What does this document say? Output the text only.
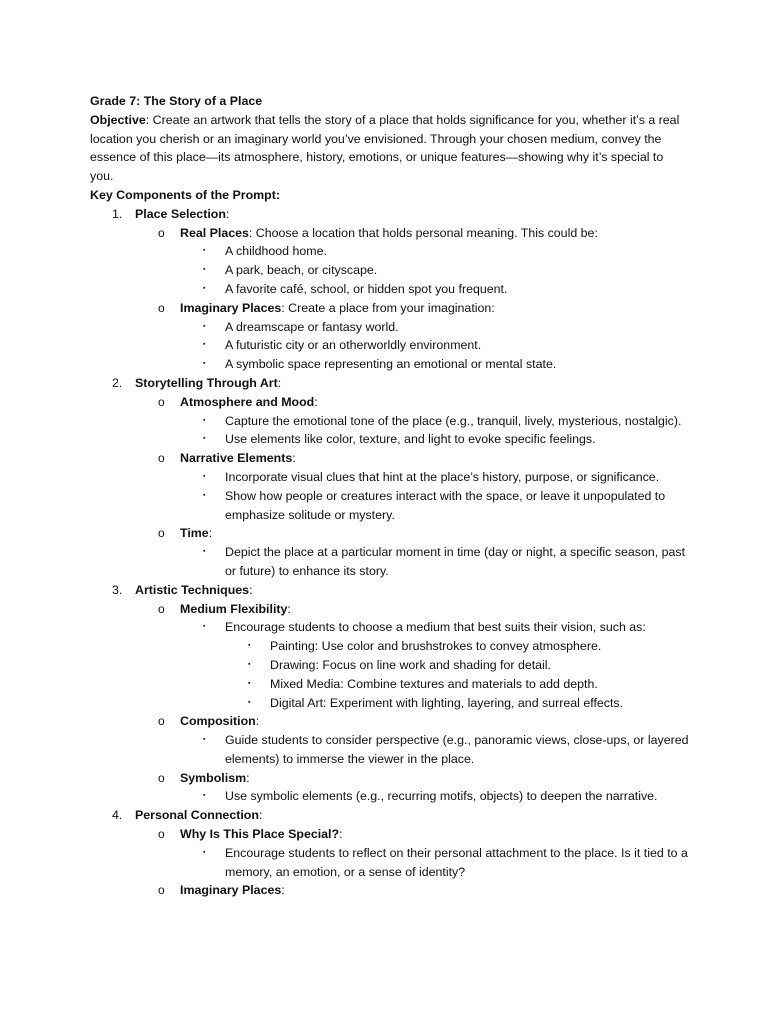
Grade 7: The Story of a Place

Objective: Create an artwork that tells the story of a place that holds significance for you, whether it’s a real location you cherish or an imaginary world you’ve envisioned. Through your chosen medium, convey the essence of this place—its atmosphere, history, emotions, or unique features—showing why it’s special to you.

Key Components of the Prompt:

1.	Place Selection:
o Real Places: Choose a location that holds personal meaning. This could be:
▪ A childhood home.
▪ A park, beach, or cityscape.
▪ A favorite café, school, or hidden spot you frequent.
o Imaginary Places: Create a place from your imagination:
▪ A dreamscape or fantasy world.
▪ A futuristic city or an otherworldly environment.
▪ A symbolic space representing an emotional or mental state.
2.	Storytelling Through Art:
o Atmosphere and Mood:
▪ Capture the emotional tone of the place (e.g., tranquil, lively, mysterious, nostalgic).
▪ Use elements like color, texture, and light to evoke specific feelings.
o Narrative Elements:
▪ Incorporate visual clues that hint at the place’s history, purpose, or significance.
▪ Show how people or creatures interact with the space, or leave it unpopulated to emphasize solitude or mystery.
o Time:
▪ Depict the place at a particular moment in time (day or night, a specific season, past or future) to enhance its story.
3.	Artistic Techniques:
o Medium Flexibility:
▪ Encourage students to choose a medium that best suits their vision, such as:
▪ Painting: Use color and brushstrokes to convey atmosphere.
▪ Drawing: Focus on line work and shading for detail.
▪ Mixed Media: Combine textures and materials to add depth.
▪ Digital Art: Experiment with lighting, layering, and surreal effects.
o Composition:
▪ Guide students to consider perspective (e.g., panoramic views, close-ups, or layered elements) to immerse the viewer in the place.
o Symbolism:
▪ Use symbolic elements (e.g., recurring motifs, objects) to deepen the narrative.
4.	Personal Connection:
o Why Is This Place Special?:
▪ Encourage students to reflect on their personal attachment to the place. Is it tied to a memory, an emotion, or a sense of identity?
o Imaginary Places:
